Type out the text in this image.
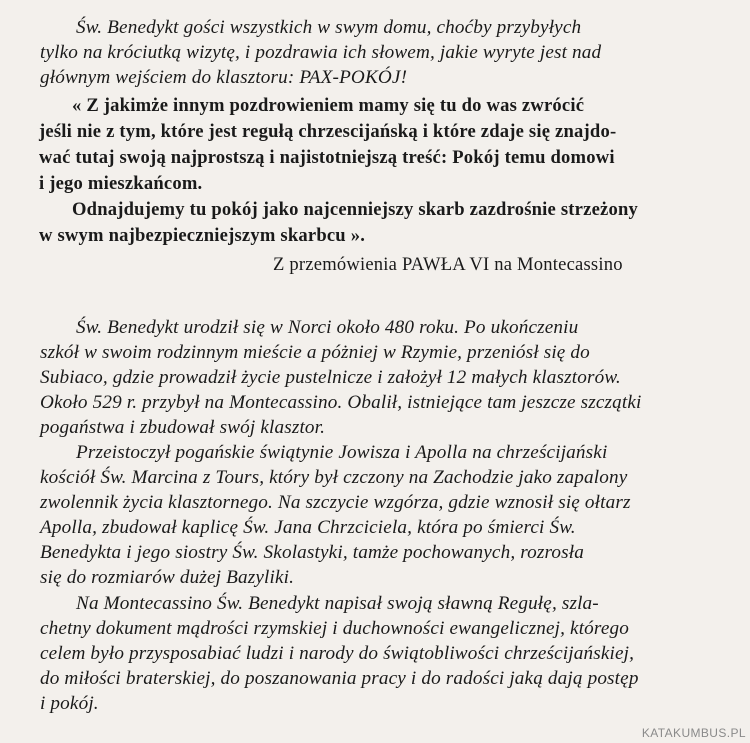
Św. Benedykt gości wszystkich w swym domu, choćby przybyłych
tylko na króciutką wizytę, i pozdrawia ich słowem, jakie wyryte jest nad
głównym wejściem do klasztoru: PAX-POKÓJ!
« Z jakimże innym pozdrowieniem mamy się tu do was zwrócić
jeśli nie z tym, które jest regułą chrzescijańską i które zdaje się znajdo-
wać tutaj swoją najprostszą i najistotniejszą treść: Pokój temu domowi
i jego mieszkańcom.
Odnajdujemy tu pokój jako najcenniejszy skarb zazdrośnie strzeżony
w swym najbezpieczniejszym skarbcu ».
Z przemówienia PAWŁA VI na Montecassino
Św. Benedykt urodził się w Norci około 480 roku. Po ukończeniu
szkół w swoim rodzinnym mieście a póżniej w Rzymie, przeniósł się do
Subiaco, gdzie prowadził życie pustelnicze i założył 12 małych klasztorów.
Około 529 r. przybył na Montecassino. Obalił, istniejące tam jeszcze szczątki
pogaństwa i zbudował swój klasztor.
Przeistoczył pogańskie świątynie Jowisza i Apolla na chrześcijański
kościół Św. Marcina z Tours, który był czczony na Zachodzie jako zapalony
zwolennik życia klasztornego. Na szczycie wzgórza, gdzie wznosił się ołtarz
Apolla, zbudował kaplicę Św. Jana Chrzciciela, która po śmierci Św.
Benedykta i jego siostry Św. Skolastyki, tamże pochowanych, rozrosła
się do rozmiarów dużej Bazyliki.
Na Montecassino Św. Benedykt napisał swoją sławną Regułę, szla-
chetny dokument mądrości rzymskiej i duchowności ewangelicznej, którego
celem było przysposabiać ludzi i narody do świątobliwości chrześcijańskiej,
do miłości braterskiej, do poszanowania pracy i do radości jaką dają postęp
i pokój.
KATAKUMBUS.PL
